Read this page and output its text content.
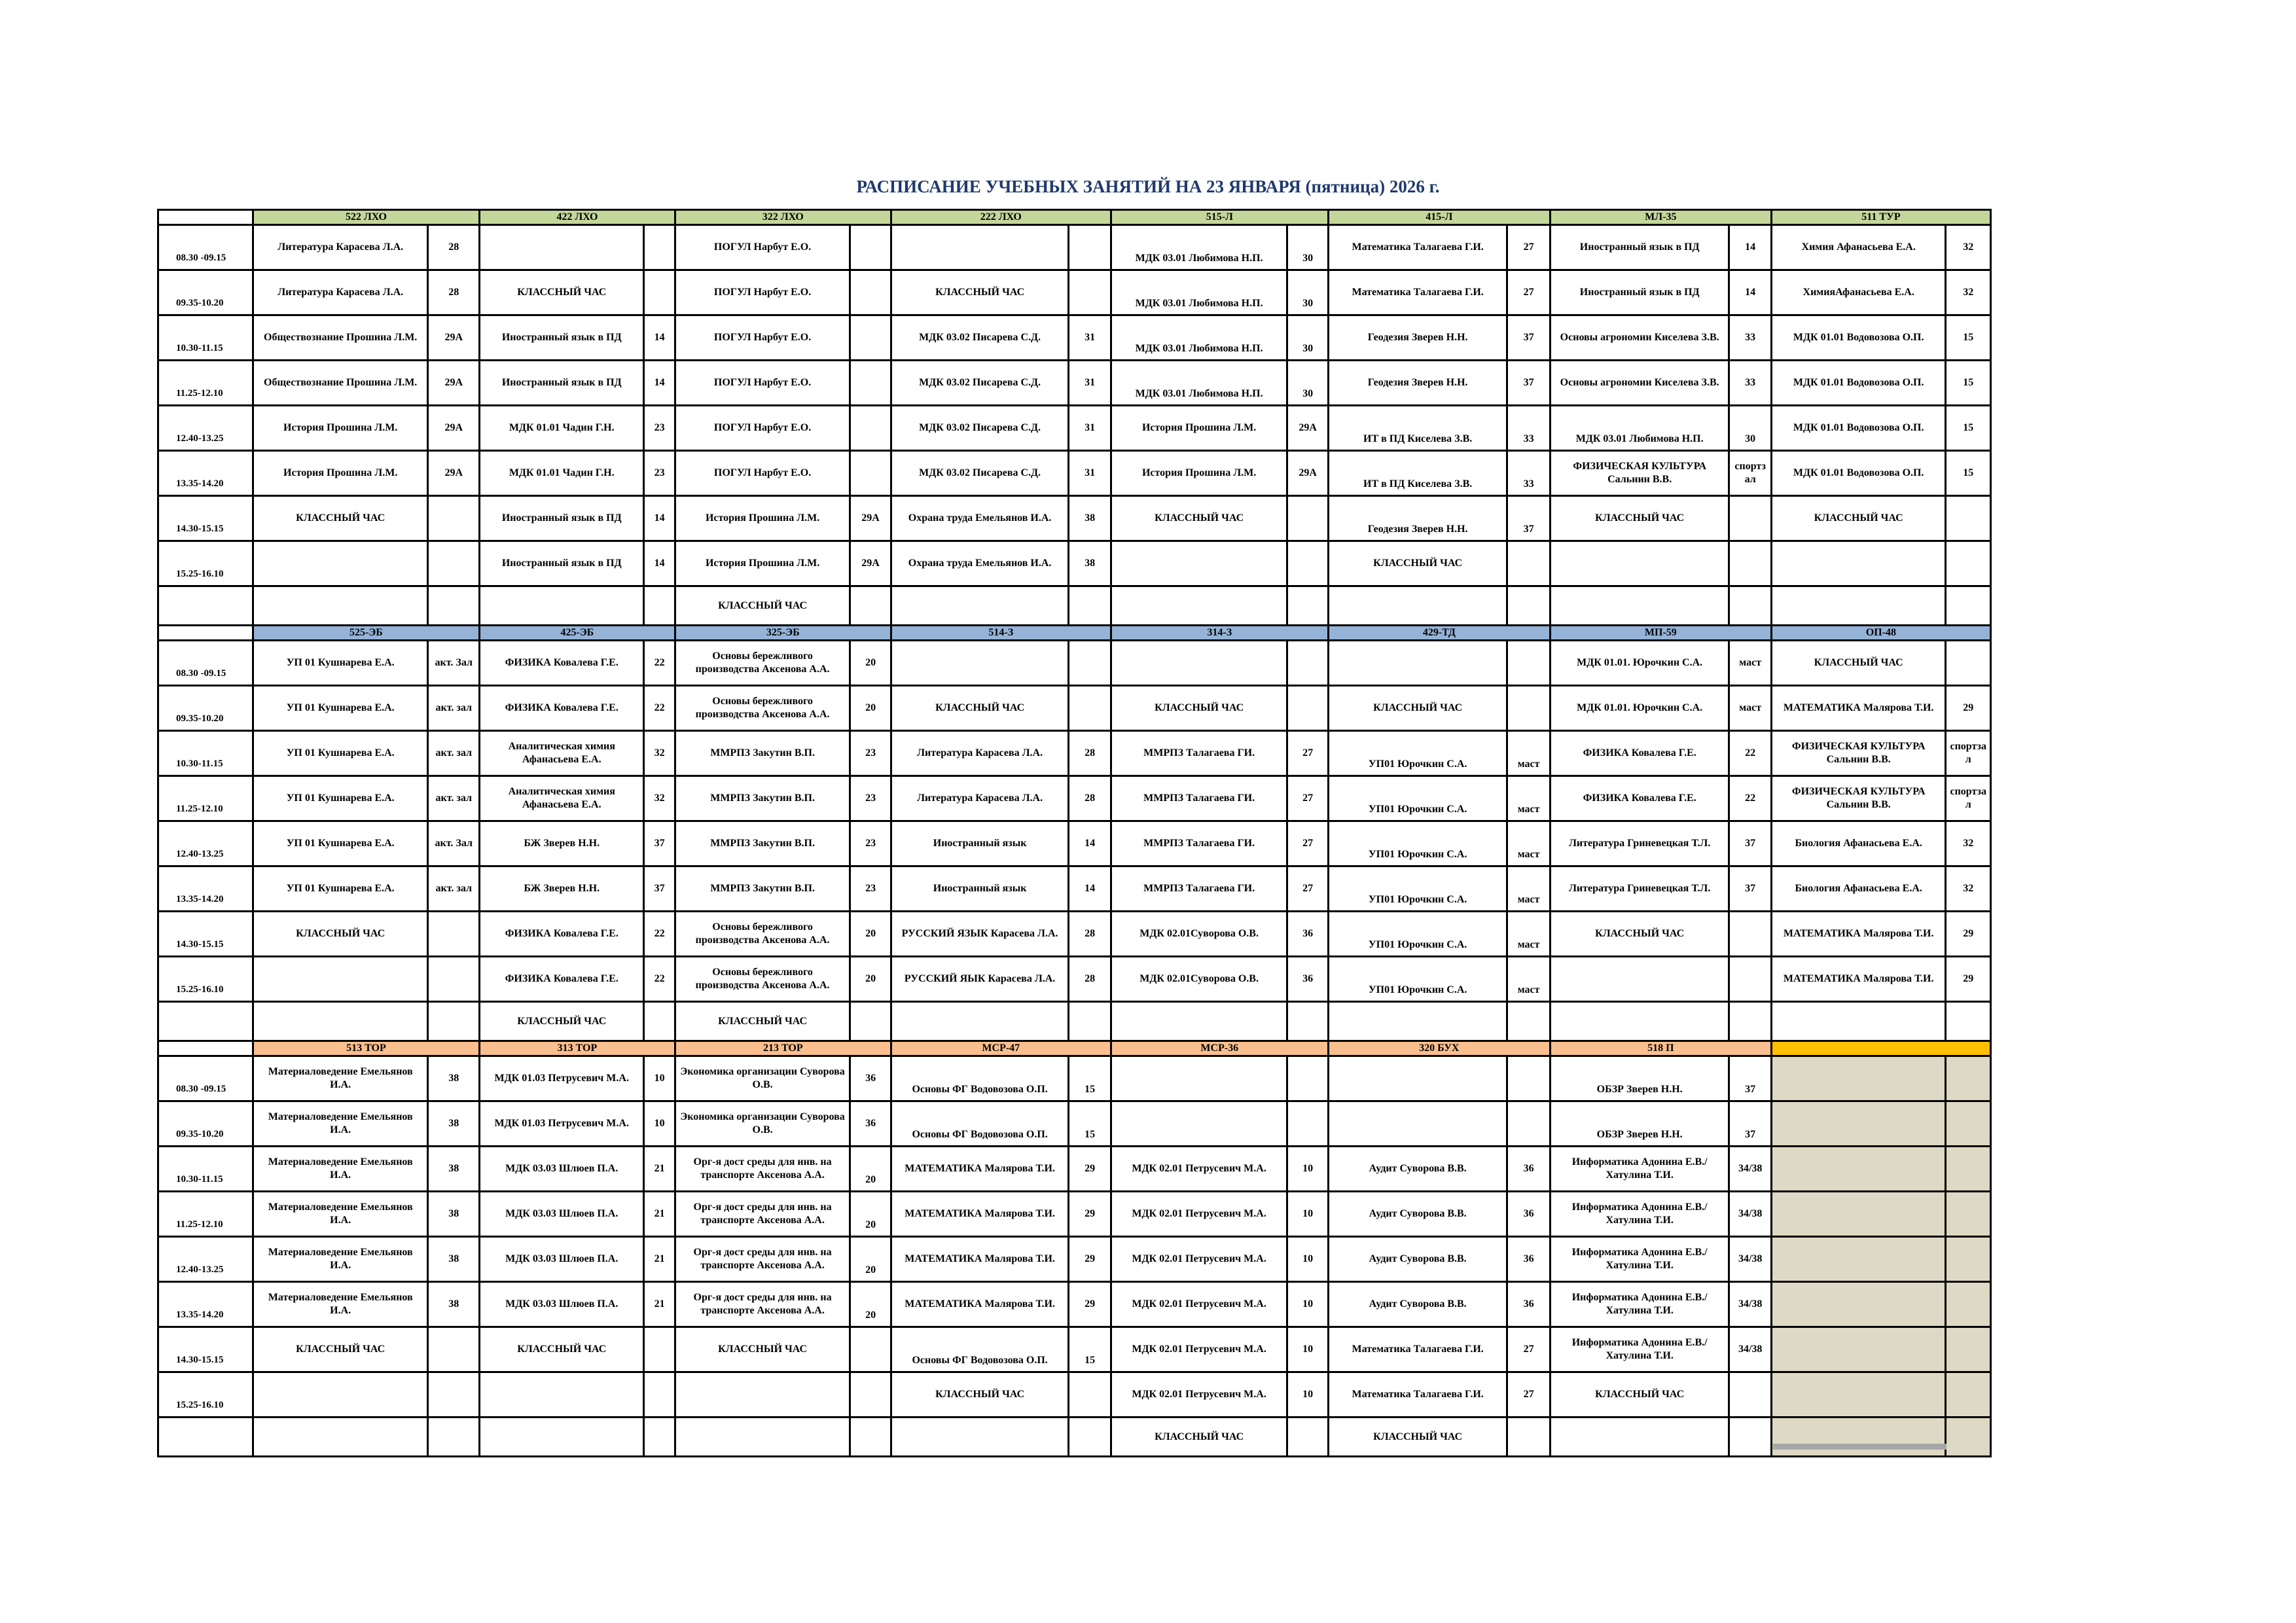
РАСПИСАНИЕ УЧЕБНЫХ ЗАНЯТИЙ НА 23 ЯНВАРЯ (пятница) 2026 г.
	522 ЛХО		422 ЛХО		322 ЛХО		222 ЛХО		515-Л		415-Л		МЛ-35		511 ТУР	
08.30 -09.15	Литература Карасева Л.А.	28			ПОГУЛ Нарбут Е.О.				МДК 03.01 Любимова Н.П.	30	Математика Талагаева Г.И.	27	Иностранный язык в ПД	14	Химия Афанасьева Е.А.	32
09.35-10.20	Литература Карасева Л.А.	28	КЛАССНЫЙ ЧАС		ПОГУЛ Нарбут Е.О.		КЛАССНЫЙ ЧАС		МДК 03.01 Любимова Н.П.	30	Математика Талагаева Г.И.	27	Иностранный язык в ПД	14	ХимияАфанасьева Е.А.	32
10.30-11.15	Обществознание Прошина Л.М.	29А	Иностранный язык в ПД	14	ПОГУЛ Нарбут Е.О.		МДК 03.02 Писарева С.Д.	31	МДК 03.01 Любимова Н.П.	30	Геодезия Зверев Н.Н.	37	Основы агрономии Киселева З.В.	33	МДК 01.01 Водовозова О.П.	15
11.25-12.10	Обществознание Прошина Л.М.	29А	Иностранный язык в ПД	14	ПОГУЛ Нарбут Е.О.		МДК 03.02 Писарева С.Д.	31	МДК 03.01 Любимова Н.П.	30	Геодезия Зверев Н.Н.	37	Основы агрономии Киселева З.В.	33	МДК 01.01 Водовозова О.П.	15
12.40-13.25	История Прошина Л.М.	29А	МДК 01.01 Чадин Г.Н.	23	ПОГУЛ Нарбут Е.О.		МДК 03.02 Писарева С.Д.	31	История Прошина Л.М.	29А	ИТ в ПД Киселева З.В.	33	МДК 03.01 Любимова Н.П.	30	МДК 01.01 Водовозова О.П.	15
13.35-14.20	История Прошина Л.М.	29А	МДК 01.01 Чадин Г.Н.	23	ПОГУЛ Нарбут Е.О.		МДК 03.02 Писарева С.Д.	31	История Прошина Л.М.	29А	ИТ в ПД Киселева З.В.	33	ФИЗИЧЕСКАЯ КУЛЬТУРА Сальнин В.В.	спортз ал	МДК 01.01 Водовозова О.П.	15
14.30-15.15	КЛАССНЫЙ ЧАС		Иностранный язык в ПД	14	История Прошина Л.М.	29А	Охрана труда Емельянов И.А.	38	КЛАССНЫЙ ЧАС		Геодезия Зверев Н.Н.	37	КЛАССНЫЙ ЧАС		КЛАССНЫЙ ЧАС	
15.25-16.10			Иностранный язык в ПД	14	История Прошина Л.М.	29А	Охрана труда Емельянов И.А.	38			КЛАССНЫЙ ЧАС					
					КЛАССНЫЙ ЧАС											
	525-ЭБ		425-ЭБ		325-ЭБ		514-З		314-З		429-ТД		МП-59		ОП-48	
08.30 -09.15	УП 01 Кушнарева Е.А.	акт. Зал	ФИЗИКА Ковалева Г.Е.	22	Основы бережливого производства Аксенова А.А.	20							МДК 01.01. Юрочкин С.А.	маст	КЛАССНЫЙ ЧАС	
09.35-10.20	УП 01 Кушнарева Е.А.	акт. зал	ФИЗИКА Ковалева Г.Е.	22	Основы бережливого производства Аксенова А.А.	20	КЛАССНЫЙ ЧАС		КЛАССНЫЙ ЧАС		КЛАССНЫЙ ЧАС		МДК 01.01. Юрочкин С.А.	маст	МАТЕМАТИКА Малярова Т.И.	29
10.30-11.15	УП 01 Кушнарева Е.А.	акт. зал	Аналитическая химия Афанасьева Е.А.	32	ММРПЗ Закутин В.П.	23	Литература Карасева Л.А.	28	ММРПЗ Талагаева ГИ.	27	УП01 Юрочкин С.А.	маст	ФИЗИКА Ковалева Г.Е.	22	ФИЗИЧЕСКАЯ КУЛЬТУРА Сальнин В.В.	спортза л
11.25-12.10	УП 01 Кушнарева Е.А.	акт. зал	Аналитическая химия Афанасьева Е.А.	32	ММРПЗ Закутин В.П.	23	Литература Карасева Л.А.	28	ММРПЗ Талагаева ГИ.	27	УП01 Юрочкин С.А.	маст	ФИЗИКА Ковалева Г.Е.	22	ФИЗИЧЕСКАЯ КУЛЬТУРА Сальнин В.В.	спортза л
12.40-13.25	УП 01 Кушнарева Е.А.	акт. Зал	БЖ Зверев Н.Н.	37	ММРПЗ Закутин В.П.	23	Иностранный язык	14	ММРПЗ Талагаева ГИ.	27	УП01 Юрочкин С.А.	маст	Литература Гриневецкая Т.Л.	37	Биология Афанасьева Е.А.	32
13.35-14.20	УП 01 Кушнарева Е.А.	акт. зал	БЖ Зверев Н.Н.	37	ММРПЗ Закутин В.П.	23	Иностранный язык	14	ММРПЗ Талагаева ГИ.	27	УП01 Юрочкин С.А.	маст	Литература Гриневецкая Т.Л.	37	Биология Афанасьева Е.А.	32
14.30-15.15	КЛАССНЫЙ ЧАС		ФИЗИКА Ковалева Г.Е.	22	Основы бережливого производства Аксенова А.А.	20	РУССКИЙ ЯЗЫК Карасева Л.А.	28	МДК 02.01Суворова О.В.	36	УП01 Юрочкин С.А.	маст	КЛАССНЫЙ ЧАС		МАТЕМАТИКА Малярова Т.И.	29
15.25-16.10			ФИЗИКА Ковалева Г.Е.	22	Основы бережливого производства Аксенова А.А.	20	РУССКИЙ ЯЫК Карасева Л.А.	28	МДК 02.01Суворова О.В.	36	УП01 Юрочкин С.А.	маст			МАТЕМАТИКА Малярова Т.И.	29
			КЛАССНЫЙ ЧАС		КЛАССНЫЙ ЧАС											
	513 ТОР		313 ТОР		213 ТОР		МСР-47		МСР-36		320 БУХ		518 П			
08.30 -09.15	Материаловедение Емельянов И.А.	38	МДК 01.03 Петрусевич М.А.	10	Экономика организации Суворова О.В.	36	Основы ФГ Водовозова О.П.	15					ОБЗР Зверев Н.Н.	37		
09.35-10.20	Материаловедение Емельянов И.А.	38	МДК 01.03 Петрусевич М.А.	10	Экономика организации Суворова О.В.	36	Основы ФГ Водовозова О.П.	15					ОБЗР Зверев Н.Н.	37		
10.30-11.15	Материаловедение Емельянов И.А.	38	МДК 03.03 Шлюев П.А.	21	Орг-я дост среды для инв. на транспорте Аксенова А.А.	20	МАТЕМАТИКА Малярова Т.И.	29	МДК 02.01 Петрусевич М.А.	10	Аудит Суворова В.В.	36	Информатика Адонина Е.В./Хатулина Т.И.	34/38		
11.25-12.10	Материаловедение Емельянов И.А.	38	МДК 03.03 Шлюев П.А.	21	Орг-я дост среды для инв. на транспорте Аксенова А.А.	20	МАТЕМАТИКА Малярова Т.И.	29	МДК 02.01 Петрусевич М.А.	10	Аудит Суворова В.В.	36	Информатика Адонина Е.В./Хатулина Т.И.	34/38		
12.40-13.25	Материаловедение Емельянов И.А.	38	МДК 03.03 Шлюев П.А.	21	Орг-я дост среды для инв. на транспорте Аксенова А.А.	20	МАТЕМАТИКА Малярова Т.И.	29	МДК 02.01 Петрусевич М.А.	10	Аудит Суворова В.В.	36	Информатика Адонина Е.В./Хатулина Т.И.	34/38		
13.35-14.20	Материаловедение Емельянов И.А.	38	МДК 03.03 Шлюев П.А.	21	Орг-я дост среды для инв. на транспорте Аксенова А.А.	20	МАТЕМАТИКА Малярова Т.И.	29	МДК 02.01 Петрусевич М.А.	10	Аудит Суворова В.В.	36	Информатика Адонина Е.В./Хатулина Т.И.	34/38		
14.30-15.15	КЛАССНЫЙ ЧАС		КЛАССНЫЙ ЧАС		КЛАССНЫЙ ЧАС		Основы ФГ Водовозова О.П.	15	МДК 02.01 Петрусевич М.А.	10	Математика Талагаева Г.И.	27	Информатика Адонина Е.В./Хатулина Т.И.	34/38		
15.25-16.10							КЛАССНЫЙ ЧАС		МДК 02.01 Петрусевич М.А.	10	Математика Талагаева Г.И.	27	КЛАССНЫЙ ЧАС			
									КЛАССНЫЙ ЧАС		КЛАССНЫЙ ЧАС					
